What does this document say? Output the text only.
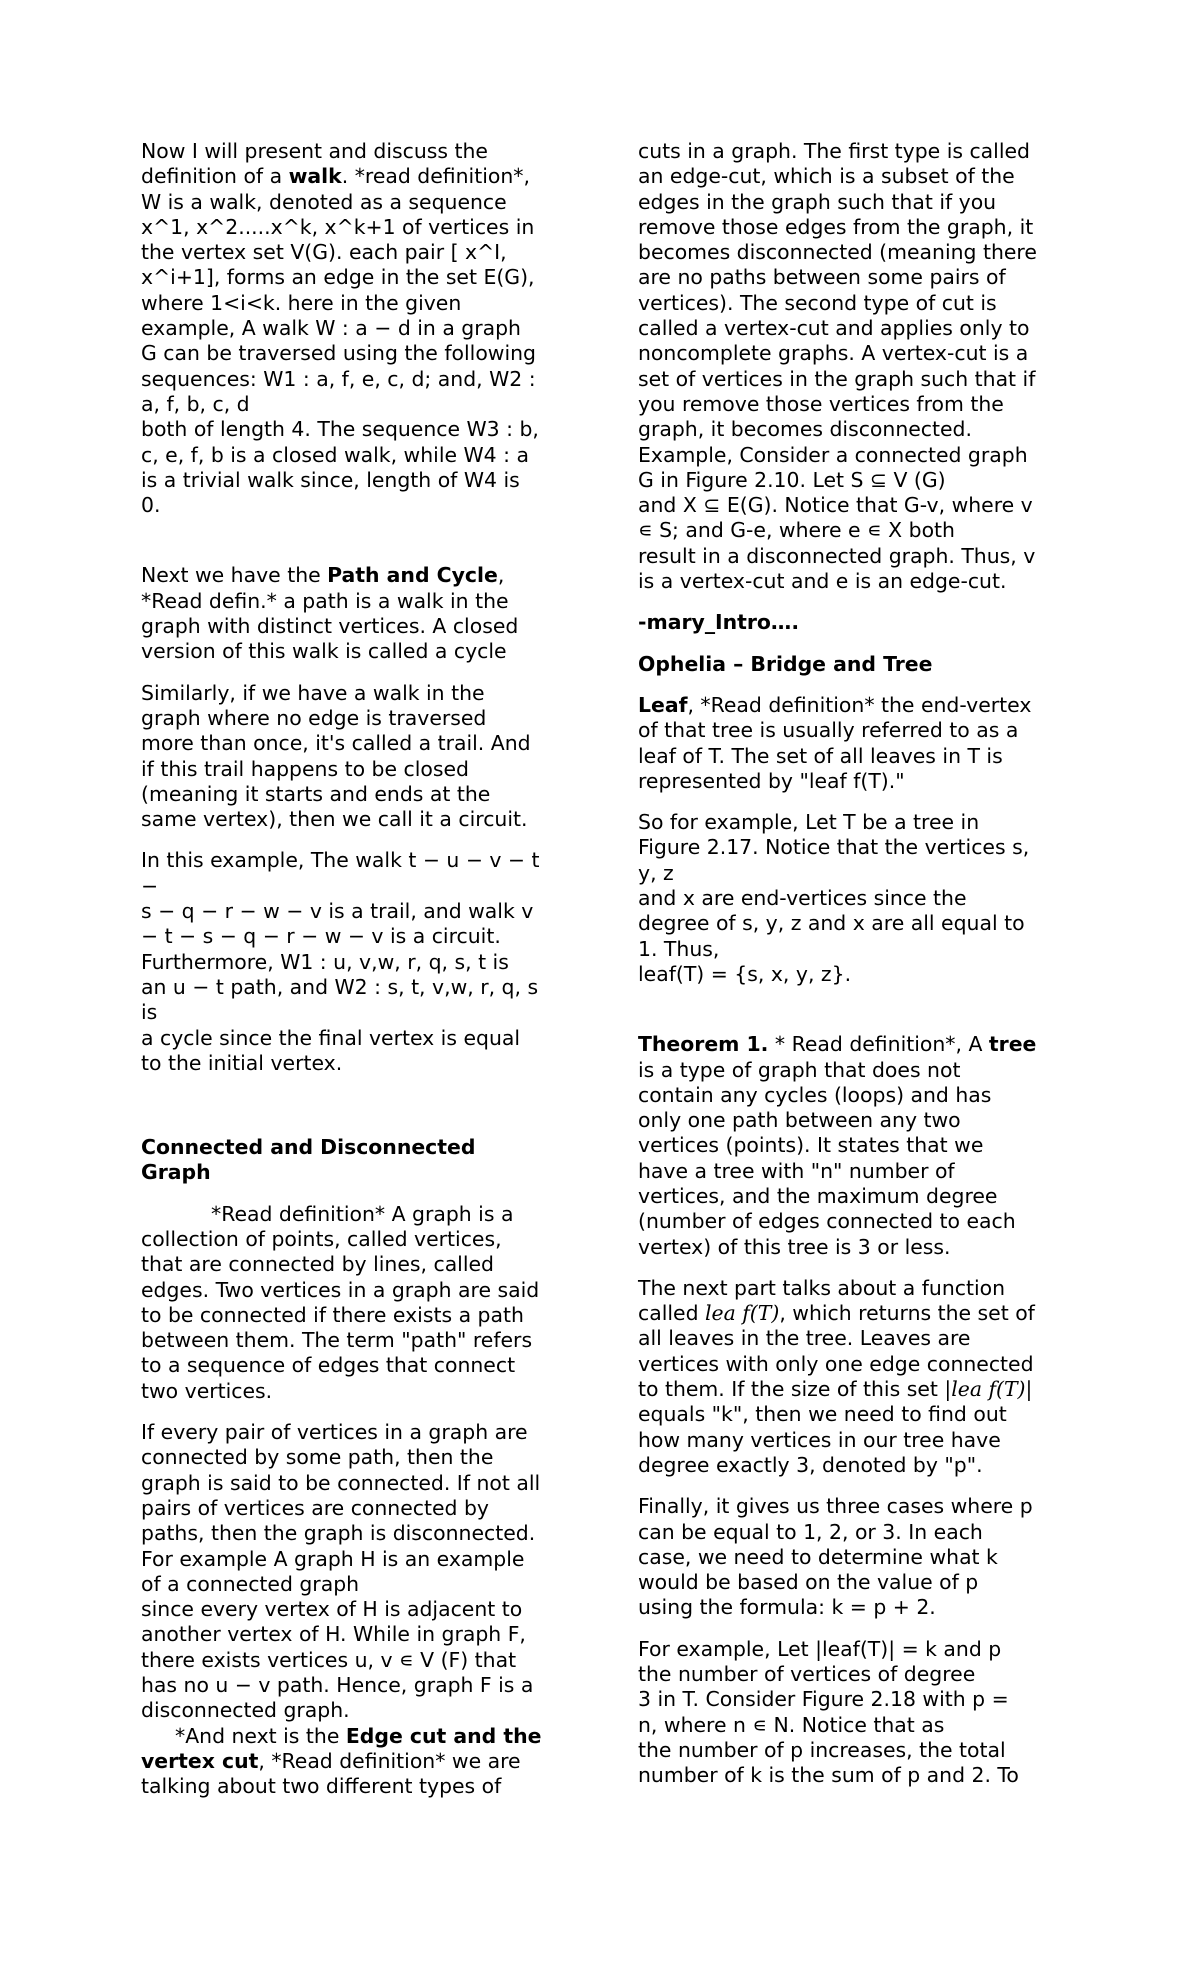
Now I will present and discuss the
definition of a walk. *read definition*,
W is a walk, denoted as a sequence
x^1, x^2.....x^k, x^k+1 of vertices in
the vertex set V(G). each pair [ x^I,
x^i+1], forms an edge in the set E(G),
where 1<i<k. here in the given
example, A walk W : a − d in a graph
G can be traversed using the following
sequences: W1 : a, f, e, c, d; and, W2 :
a, f, b, c, d
both of length 4. The sequence W3 : b,
c, e, f, b is a closed walk, while W4 : a
is a trivial walk since, length of W4 is
0.

Next we have the Path and Cycle,
*Read defin.* a path is a walk in the
graph with distinct vertices. A closed
version of this walk is called a cycle

Similarly, if we have a walk in the
graph where no edge is traversed
more than once, it's called a trail. And
if this trail happens to be closed
(meaning it starts and ends at the
same vertex), then we call it a circuit.

In this example, The walk t − u − v − t
−
s − q − r − w − v is a trail, and walk v
− t − s − q − r − w − v is a circuit.
Furthermore, W1 : u, v,w, r, q, s, t is
an u − t path, and W2 : s, t, v,w, r, q, s
is
a cycle since the final vertex is equal
to the initial vertex.

Connected and Disconnected
Graph

*Read definition* A graph is a
collection of points, called vertices,
that are connected by lines, called
edges. Two vertices in a graph are said
to be connected if there exists a path
between them. The term "path" refers
to a sequence of edges that connect
two vertices.

If every pair of vertices in a graph are
connected by some path, then the
graph is said to be connected. If not all
pairs of vertices are connected by
paths, then the graph is disconnected.
For example A graph H is an example
of a connected graph
since every vertex of H is adjacent to
another vertex of H. While in graph F,
there exists vertices u, v ∊ V (F) that
has no u − v path. Hence, graph F is a
disconnected graph.
*And next is the Edge cut and the
vertex cut, *Read definition* we are
talking about two different types of

cuts in a graph. The first type is called
an edge-cut, which is a subset of the
edges in the graph such that if you
remove those edges from the graph, it
becomes disconnected (meaning there
are no paths between some pairs of
vertices). The second type of cut is
called a vertex-cut and applies only to
noncomplete graphs. A vertex-cut is a
set of vertices in the graph such that if
you remove those vertices from the
graph, it becomes disconnected.
Example, Consider a connected graph
G in Figure 2.10. Let S ⊆ V (G)
and X ⊆ E(G). Notice that G-v, where v
∊ S; and G-e, where e ∊ X both
result in a disconnected graph. Thus, v
is a vertex-cut and e is an edge-cut.

-mary_Intro….
Ophelia – Bridge and Tree

Leaf, *Read definition* the end-vertex
of that tree is usually referred to as a
leaf of T. The set of all leaves in T is
represented by "leaf f(T)."

So for example, Let T be a tree in
Figure 2.17. Notice that the vertices s,
y, z
and x are end-vertices since the
degree of s, y, z and x are all equal to
1. Thus,
leaf(T) = {s, x, y, z}.

Theorem 1. * Read definition*, A tree
is a type of graph that does not
contain any cycles (loops) and has
only one path between any two
vertices (points). It states that we
have a tree with "n" number of
vertices, and the maximum degree
(number of edges connected to each
vertex) of this tree is 3 or less.

The next part talks about a function
called lea f(T), which returns the set of
all leaves in the tree. Leaves are
vertices with only one edge connected
to them. If the size of this set |lea f(T)|
equals "k", then we need to find out
how many vertices in our tree have
degree exactly 3, denoted by "p".

Finally, it gives us three cases where p
can be equal to 1, 2, or 3. In each
case, we need to determine what k
would be based on the value of p
using the formula: k = p + 2.

For example, Let |leaf(T)| = k and p
the number of vertices of degree
3 in T. Consider Figure 2.18 with p =
n, where n ∊ N. Notice that as
the number of p increases, the total
number of k is the sum of p and 2. To
